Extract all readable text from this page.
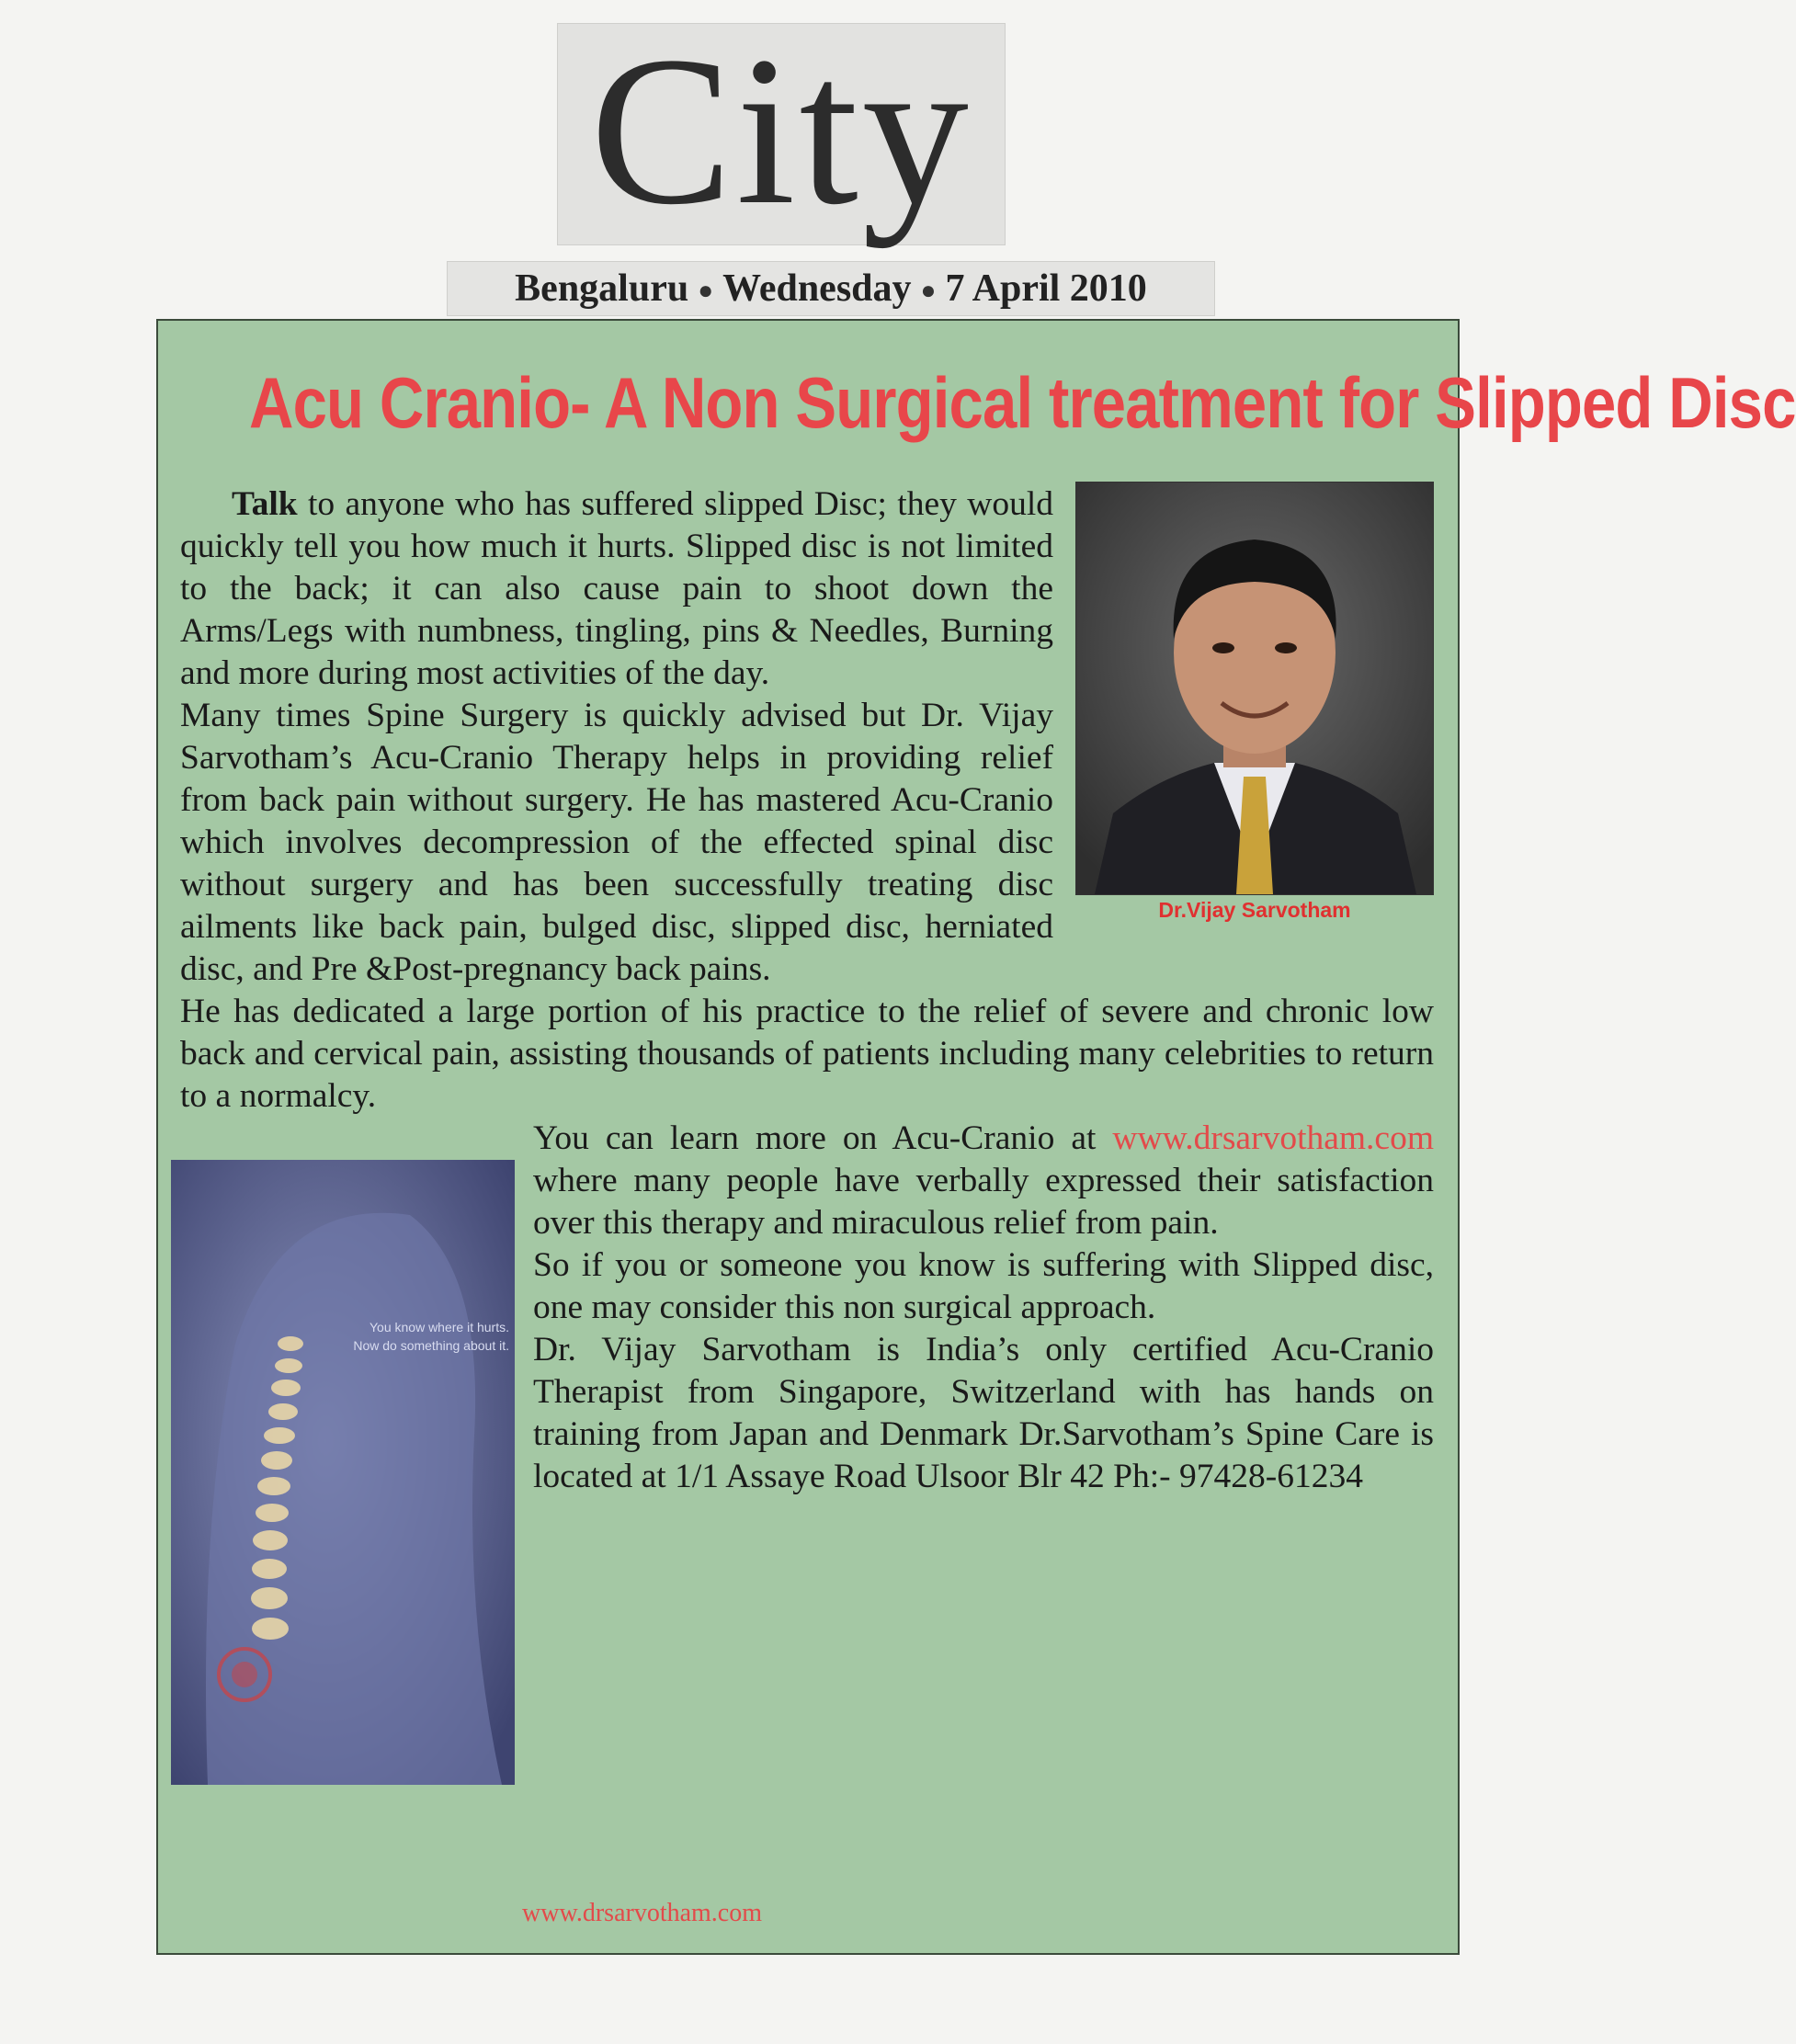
City
Bengaluru ● Wednesday ● 7 April 2010
Acu Cranio- A Non Surgical treatment for Slipped Disc
Dr.Vijay Sarvotham

Talk to anyone who has suffered slipped Disc; they would quickly tell you how much it hurts. Slipped disc is not limited to the back; it can also cause pain to shoot down the Arms/Legs with numbness, tingling, pins & Needles, Burning and more during most activities of the day.

Many times Spine Surgery is quickly advised but Dr. Vijay Sarvotham’s Acu-Cranio Therapy helps in providing relief from back pain without surgery. He has mastered Acu-Cranio which involves decompression of the effected spinal disc without surgery and has been successfully treating disc ailments like back pain, bulged disc, slipped disc, herniated disc, and Pre &Post-pregnancy back pains.

He has dedicated a large portion of his practice to the relief of severe and chronic low back and cervical pain, assisting thousands of patients including many celebrities to return to a normalcy.

You know where it hurts.
Now do something about it.

You can learn more on Acu-Cranio at www.drsarvotham.com where many people have verbally expressed their satisfaction over this therapy and miraculous relief from pain.

So if you or someone you know is suffering with Slipped disc, one may consider this non surgical approach.

Dr. Vijay Sarvotham is India’s only certified Acu-Cranio Therapist from Singapore, Switzerland with has hands on training from Japan and Denmark Dr.Sarvotham’s Spine Care is located at 1/1 Assaye Road Ulsoor Blr 42 Ph:- 97428-61234

www.drsarvotham.com
